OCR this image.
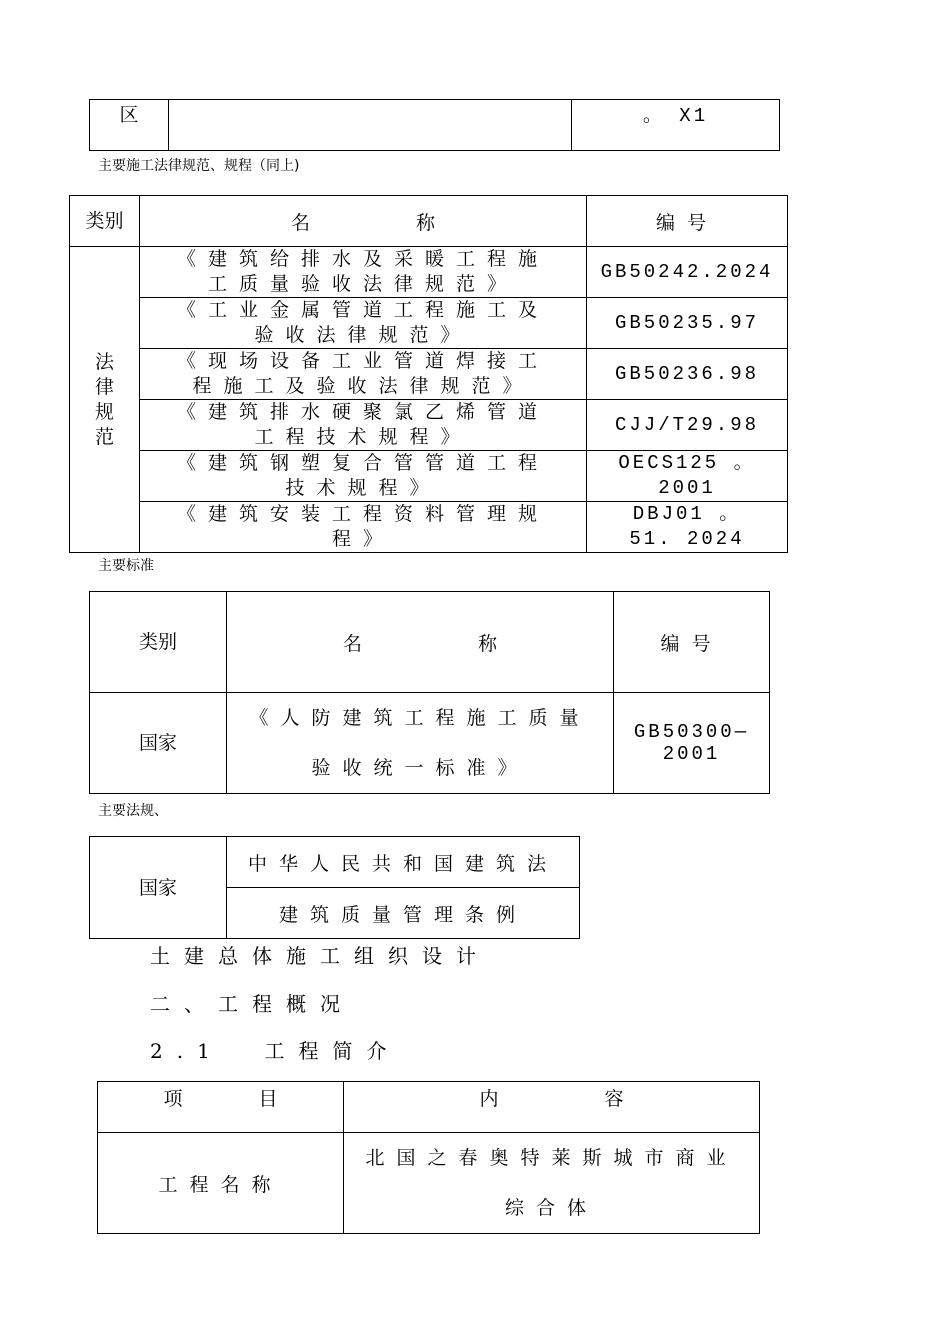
区		。 X1
主要施工法律规范、规程（同上)
类别	名 称	编号
法律规范	《建筑给排水及采暖工程施工质量验收法律规范》	GB50242.2024
	《工业金属管道工程施工及验收法律规范》	GB50235.97
	《现场设备工业管道焊接工程施工及验收法律规范》	GB50236.98
	《建筑排水硬聚氯乙烯管道工程技术规程》	CJJ/T29.98
	《建筑钢塑复合管管道工程技术规程》	OECS125 。 2001
	《建筑安装工程资料管理规程》	DBJ01 。 51. 2024
主要标准
类别	名 称	编号
国家	《人防建筑工程施工质量验收统一标准》	GB50300—2001
主要法规、
国家	中华人民共和国建筑法
建筑质量管理条例
土建总体施工组织设计
二、工程概况
2.1  工程简介
项 目	内 容
工程名称	北国之春奥特莱斯城市商业综合体
